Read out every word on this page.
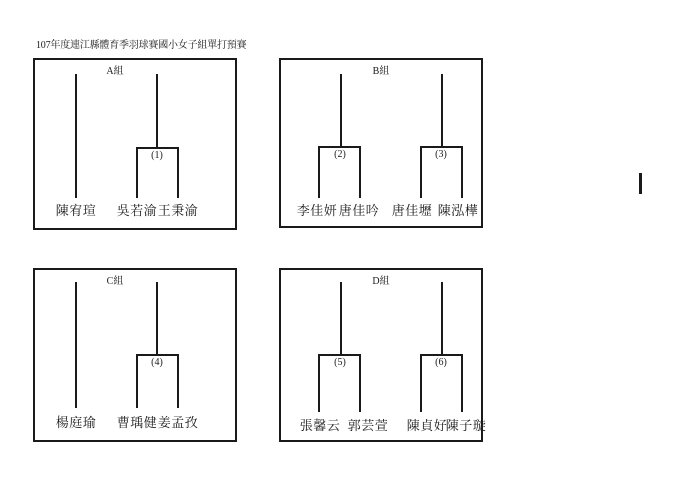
107年度連江縣體育季羽球賽國小女子組單打預賽
A組
陳宥瑄
(1)
吳若渝 王秉渝
B組
(2)
李佳妍 唐佳吟
(3)
唐佳壢 陳泓樺
C組
楊庭瑜
(4)
曹瑀健 姜孟孜
D組
(5)
張馨云 郭芸萱
(6)
陳貞好
陳子璇
